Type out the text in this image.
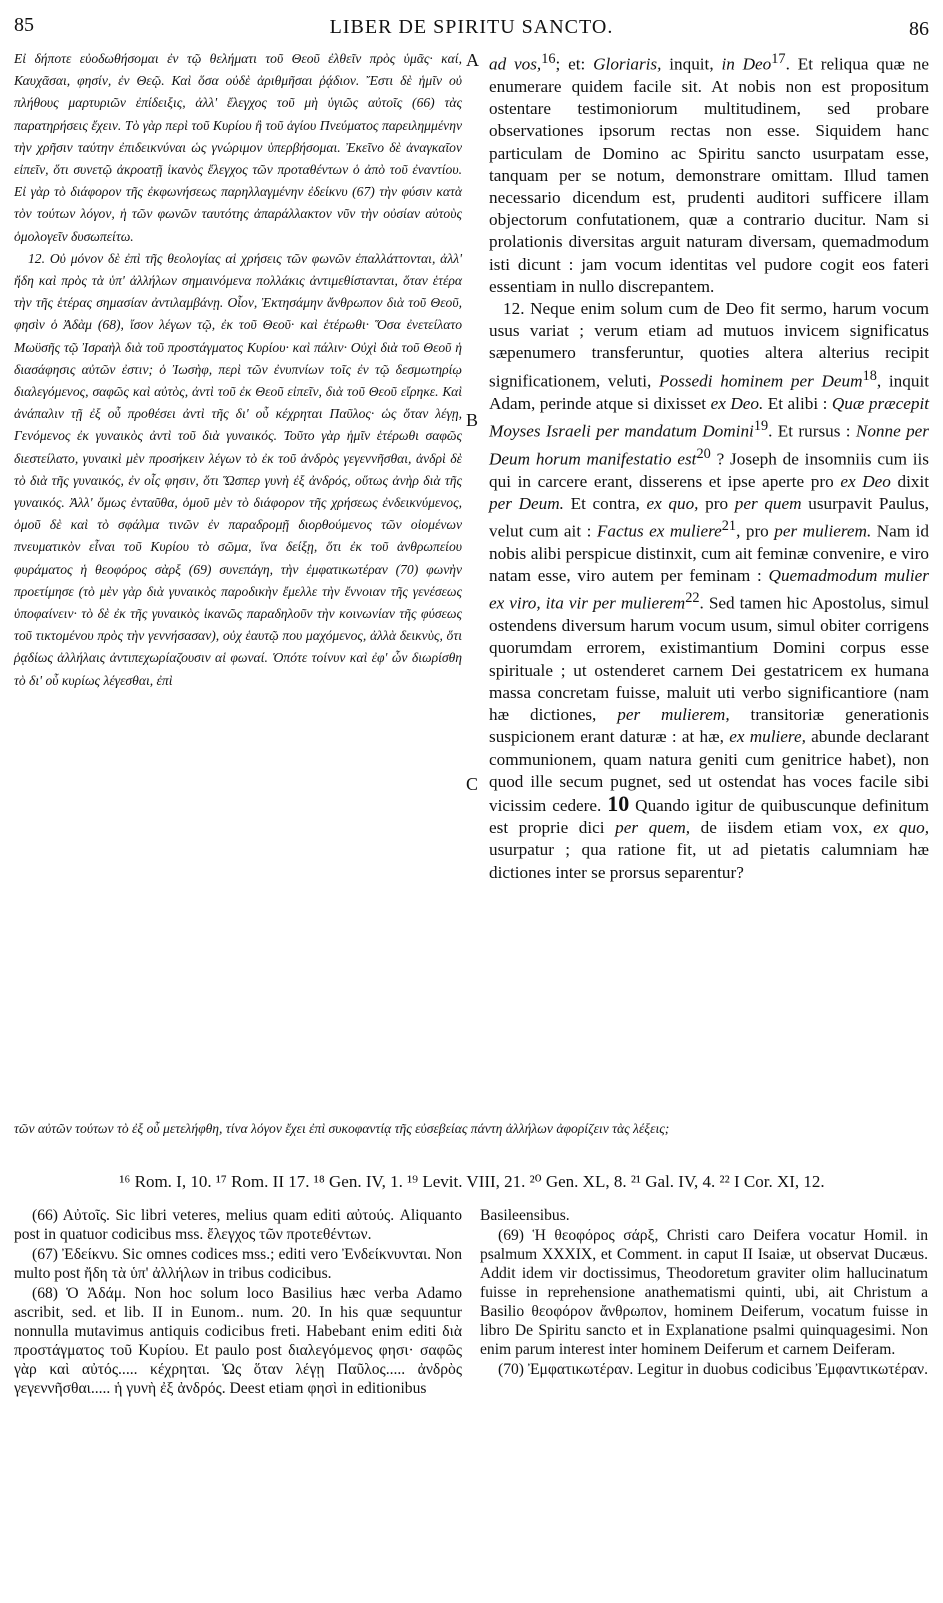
85	LIBER DE SPIRITU SANCTO.	86

Εἰ δήποτε εὐοδωθήσομαι ἐν τῷ θελήματι τοῦ Θεοῦ ἐλθεῖν πρὸς ὑμᾶς· καί, Καυχᾶσαι, φησίν, ἐν Θεῷ. Καὶ ὅσα οὐδὲ ἀριθμῆσαι ῥᾴδιον. Ἔστι δὲ ἡμῖν οὐ πλήθους μαρτυριῶν ἐπίδειξις, ἀλλ' ἔλεγχος τοῦ μὴ ὑγιῶς αὐτοῖς (66) τὰς παρατηρήσεις ἔχειν. Τὸ γὰρ περὶ τοῦ Κυρίου ἢ τοῦ ἁγίου Πνεύματος παρειλημμένην τὴν χρῆσιν ταύτην ἐπιδεικνύναι ὡς γνώριμον ὑπερβήσομαι. Ἐκεῖνο δὲ ἀναγκαῖον εἰπεῖν, ὅτι συνετῷ ἀκροατῇ ἱκανὸς ἔλεγχος τῶν προταθέντων ὁ ἀπὸ τοῦ ἐναντίου. Εἰ γὰρ τὸ διάφορον τῆς ἐκφωνήσεως παρηλλαγμένην ἐδείκνυ (67) τὴν φύσιν κατὰ τὸν τούτων λόγον, ἡ τῶν φωνῶν ταυτότης ἀπαράλλακτον νῦν τὴν οὐσίαν αὐτοὺς ὁμολογεῖν δυσωπείτω.

12. Οὐ μόνον δὲ ἐπὶ τῆς θεολογίας αἱ χρήσεις τῶν φωνῶν ἐπαλλάττονται, ἀλλ' ἤδη καὶ πρὸς τὰ ὑπ' ἀλλήλων σημαινόμενα πολλάκις ἀντιμεθίστανται, ὅταν ἑτέρα τὴν τῆς ἑτέρας σημασίαν ἀντιλαμβάνῃ. Οἷον, Ἐκτησάμην ἄνθρωπον διὰ τοῦ Θεοῦ, φησὶν ὁ Ἀδὰμ (68), ἴσον λέγων τῷ, ἐκ τοῦ Θεοῦ· καὶ ἑτέρωθι· Ὅσα ἐνετείλατο Μωϋσῆς τῷ Ἰσραὴλ διὰ τοῦ προστάγματος Κυρίου· καὶ πάλιν· Οὐχὶ διὰ τοῦ Θεοῦ ἡ διασάφησις αὐτῶν ἐστιν; ὁ Ἰωσὴφ, περὶ τῶν ἐνυπνίων τοῖς ἐν τῷ δεσμωτηρίῳ διαλεγόμενος, σαφῶς καὶ αὐτὸς, ἀντὶ τοῦ ἐκ Θεοῦ εἰπεῖν, διὰ τοῦ Θεοῦ εἴρηκε. Καὶ ἀνάπαλιν τῇ ἐξ οὗ προθέσει ἀντὶ τῆς δι' οὗ κέχρηται Παῦλος· ὡς ὅταν λέγῃ, Γενόμενος ἐκ γυναικὸς ἀντὶ τοῦ διὰ γυναικός. Τοῦτο γὰρ ἡμῖν ἑτέρωθι σαφῶς διεστείλατο, γυναικὶ μὲν προσήκειν λέγων τὸ ἐκ τοῦ ἀνδρὸς γεγεννῆσθαι, ἀνδρὶ δὲ τὸ διὰ τῆς γυναικός, ἐν οἷς φησιν, ὅτι Ὥσπερ γυνὴ ἐξ ἀνδρός, οὕτως ἀνὴρ διὰ τῆς γυναικός. Ἀλλ' ὅμως ἐνταῦθα, ὁμοῦ μὲν τὸ διάφορον τῆς χρήσεως ἐνδεικνύμενος, ὁμοῦ δὲ καὶ τὸ σφάλμα τινῶν ἐν παραδρομῇ διορθούμενος τῶν οἰομένων πνευματικὸν εἶναι τοῦ Κυρίου τὸ σῶμα, ἵνα δείξῃ, ὅτι ἐκ τοῦ ἀνθρωπείου φυράματος ἡ θεοφόρος σὰρξ (69) συνεπάγη, τὴν ἐμφατικωτέραν (70) φωνὴν προετίμησε (τὸ μὲν γὰρ διὰ γυναικὸς παροδικὴν ἔμελλε τὴν ἔννοιαν τῆς γενέσεως ὑποφαίνειν· τὸ δὲ ἐκ τῆς γυναικὸς ἱκανῶς παραδηλοῦν τὴν κοινωνίαν τῆς φύσεως τοῦ τικτομένου πρὸς τὴν γεννήσασαν), οὐχ ἑαυτῷ που μαχόμενος, ἀλλὰ δεικνὺς, ὅτι ῥᾳδίως ἀλλήλαις ἀντιπεχωρίαζουσιν αἱ φωναί. Ὁπότε τοίνυν καὶ ἐφ' ὧν διωρίσθη τὸ δι' οὗ κυρίως λέγεσθαι, ἐπὶ

A
B
C

ad vos,$^{16}$; et: Gloriaris, inquit, in Deo$^{17}$. Et reliqua quæ ne enumerare quidem facile sit. At nobis non est propositum ostentare testimoniorum multitudinem, sed probare observationes ipsorum rectas non esse. Siquidem hanc particulam de Domino ac Spiritu sancto usurpatam esse, tanquam per se notum, demonstrare omittam. Illud tamen necessario dicendum est, prudenti auditori sufficere illam objectorum confutationem, quæ a contrario ducitur. Nam si prolationis diversitas arguit naturam diversam, quemadmodum isti dicunt : jam vocum identitas vel pudore cogit eos fateri essentiam in nullo discrepantem.

12. Neque enim solum cum de Deo fit sermo, harum vocum usus variat ; verum etiam ad mutuos invicem significatus sæpenumero transferuntur, quoties altera alterius recipit significationem, veluti, Possedi hominem per Deum$^{18}$, inquit Adam, perinde atque si dixisset ex Deo. Et alibi : Quæ præcepit Moyses Israeli per mandatum Domini$^{19}$. Et rursus : Nonne per Deum horum manifestatio est$^{20}$ ? Joseph de insomniis cum iis qui in carcere erant, disserens et ipse aperte pro ex Deo dixit per Deum. Et contra, ex quo, pro per quem usurpavit Paulus, velut cum ait : Factus ex muliere$^{21}$, pro per mulierem. Nam id nobis alibi perspicue distinxit, cum ait feminæ convenire, e viro natam esse, viro autem per feminam : Quemadmodum mulier ex viro, ita vir per mulierem$^{22}$. Sed tamen hic Apostolus, simul ostendens diversum harum vocum usum, simul obiter corrigens quorumdam errorem, existimantium Domini corpus esse spirituale ; ut ostenderet carnem Dei gestatricem ex humana massa concretam fuisse, maluit uti verbo significantiore (nam hæ dictiones, per mulierem, transitoriæ generationis suspicionem erant daturæ : at hæ, ex muliere, abunde declarant communionem, quam natura geniti cum genitrice habet), non quod ille secum pugnet, sed ut ostendat has voces facile sibi vicissim cedere. 10 Quando igitur de quibuscunque definitum est proprie dici per quem, de iisdem etiam vox, ex quo, usurpatur ; qua ratione fit, ut ad pietatis calumniam hæ dictiones inter se prorsus separentur?

τῶν αὐτῶν τούτων τὸ ἐξ οὗ μετελήφθη, τίνα λόγον ἔχει ἐπὶ συκοφαντίᾳ τῆς εὐσεβείας πάντη ἀλλήλων ἀφορίζειν τὰς λέξεις;
¹⁶ Rom. I, 10. ¹⁷ Rom. II 17. ¹⁸ Gen. IV, 1. ¹⁹ Levit. VIII, 21. ²⁰ Gen. XL, 8. ²¹ Gal. IV, 4. ²² I Cor. XI, 12.

(66) Αὐτοῖς. Sic libri veteres, melius quam editi αὐτούς. Aliquanto post in quatuor codicibus mss. ἔλεγχος τῶν προτεθέντων.

(67) Ἐδείκνυ. Sic omnes codices mss.; editi vero Ἐνδείκνυνται. Non multo post ἤδη τὰ ὑπ' ἀλλήλων in tribus codicibus.

(68) Ὁ Ἀδάμ. Non hoc solum loco Basilius hæc verba Adamo ascribit, sed. et lib. II in Eunom.. num. 20. In his quæ sequuntur nonnulla mutavimus antiquis codicibus freti. Habebant enim editi διὰ προστάγματος τοῦ Κυρίου. Et paulo post διαλεγόμενος φησι· σαφῶς γὰρ καὶ αὐτός..... κέχρηται. Ὡς ὅταν λέγῃ Παῦλος..... ἀνδρὸς γεγεννῆσθαι..... ἡ γυνὴ ἐξ ἀνδρός. Deest etiam φησὶ in editionibus

Basileensibus.

(69) Ἡ θεοφόρος σάρξ, Christi caro Deifera vocatur Homil. in psalmum XXXIX, et Comment. in caput II Isaiæ, ut observat Ducæus. Addit idem vir doctissimus, Theodoretum graviter olim hallucinatum fuisse in reprehensione anathematismi quinti, ubi, ait Christum a Basilio θεοφόρον ἄνθρωπον, hominem Deiferum, vocatum fuisse in libro De Spiritu sancto et in Explanatione psalmi quinquagesimi. Non enim parum interest inter hominem Deiferum et carnem Deiferam.

(70) Ἐμφατικωτέραν. Legitur in duobus codicibus Ἐμφαντικωτέραν.
